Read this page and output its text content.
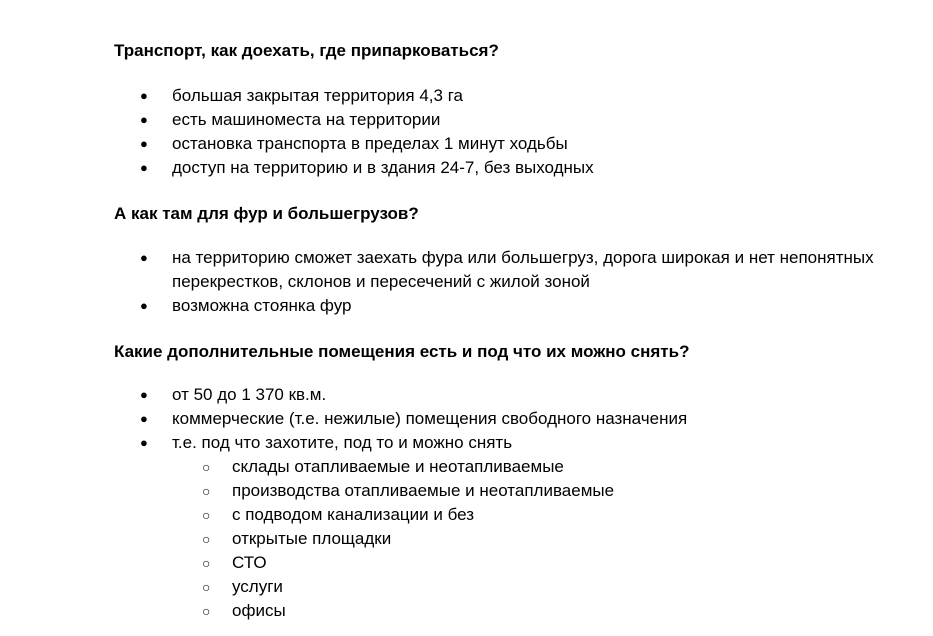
Транспорт, как доехать, где припарковаться?
●	большая закрытая территория 4,3 га
●	есть машиноместа на территории
●	остановка транспорта в пределах 1 минут ходьбы
●	доступ на территорию и в здания 24-7, без выходных
А как там для фур и большегрузов?
●	на территорию сможет заехать фура или большегруз, дорога широкая и нет непонятных перекрестков, склонов и пересечений с жилой зоной
●	возможна стоянка фур
Какие дополнительные помещения есть и под что их можно снять?
●	от 50 до 1 370 кв.м.
●	коммерческие (т.е. нежилые) помещения свободного назначения
●	т.е. под что захотите, под то и можно снять
○ склады отапливаемые и неотапливаемые
○ производства отапливаемые и неотапливаемые
○ с подводом канализации и без
○ открытые площадки
○ СТО
○ услуги
○ офисы
